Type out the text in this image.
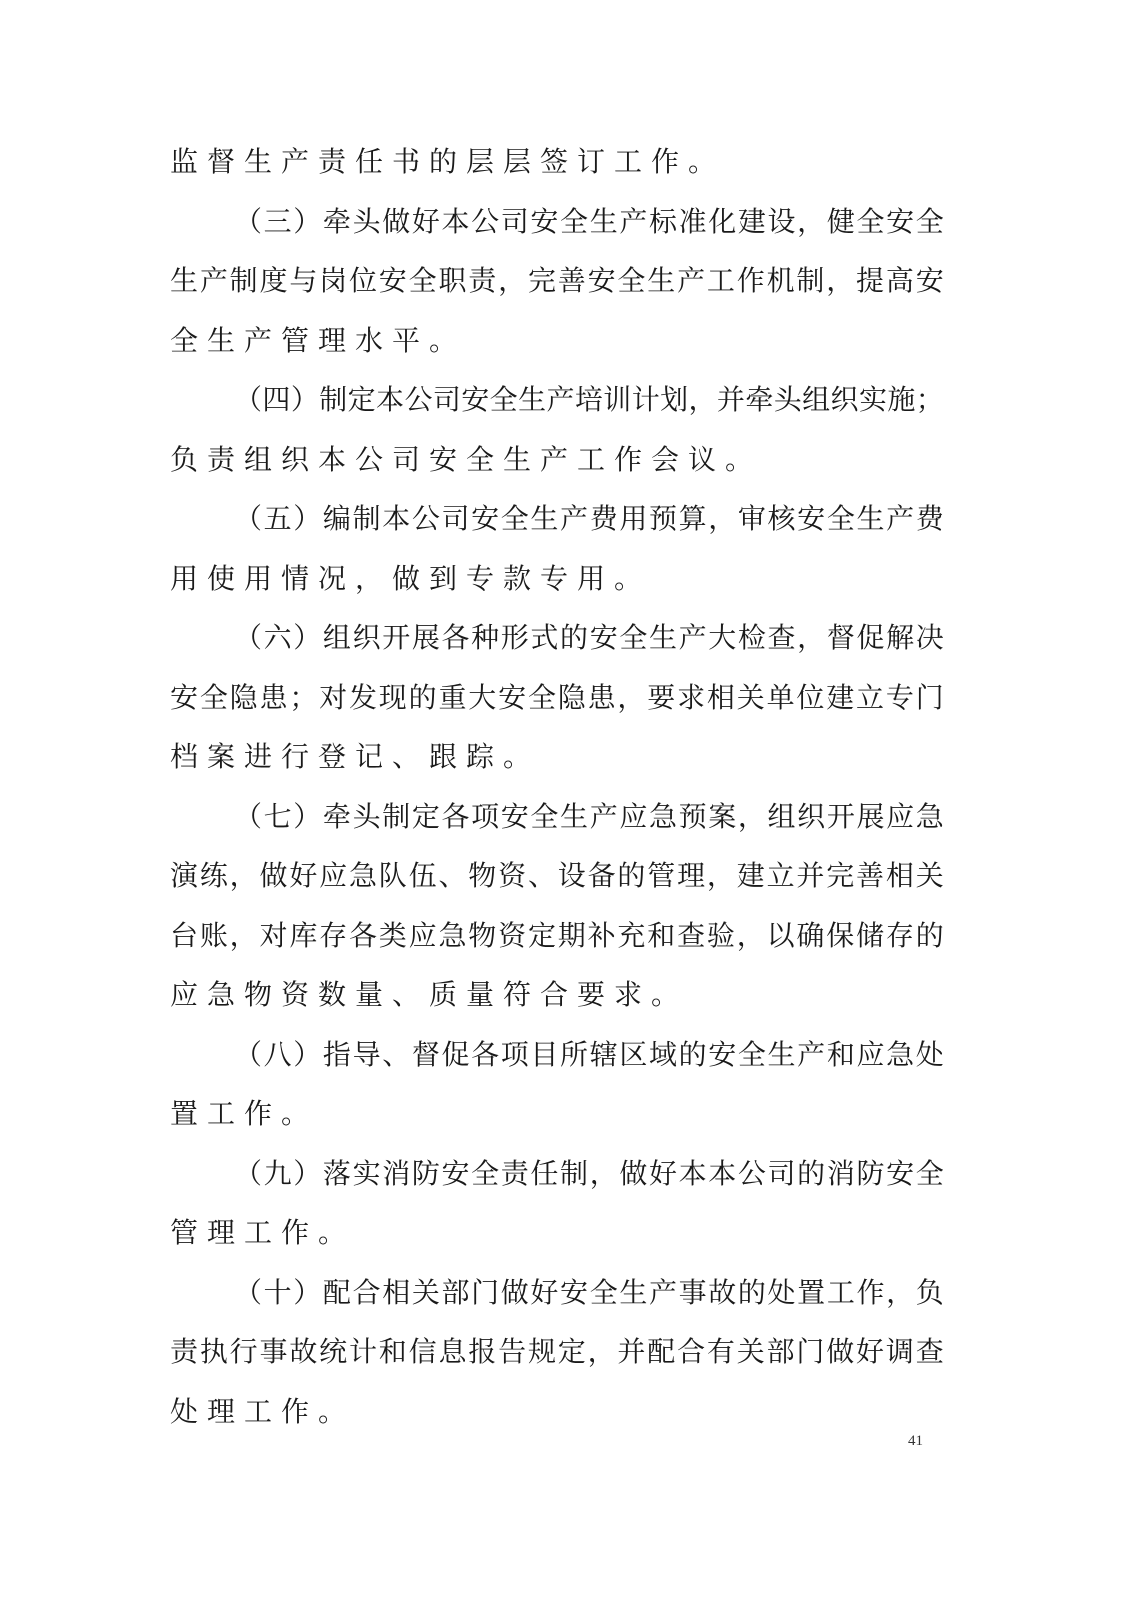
监督生产责任书的层层签订工作。
（ 三 ） 牵 头 做 好 本 公 司 安 全 生 产 标 准 化 建 设 ， 健 全 安 全
生 产 制 度 与 岗 位 安 全 职 责 ， 完 善 安 全 生 产 工 作 机 制 ， 提 高 安
全生产管理水平。
（ 四 ） 制 定 本 公 司 安 全 生 产 培 训 计 划 ， 并 牵 头 组 织 实 施 ；
负责组织本公司安全生产工作会议。
（ 五 ） 编 制 本 公 司 安 全 生 产 费 用 预 算 ， 审 核 安 全 生 产 费
用使用情况，做到专款专用。
（ 六 ） 组 织 开 展 各 种 形 式 的 安 全 生 产 大 检 查 ， 督 促 解 决
安 全 隐 患 ； 对 发 现 的 重 大 安 全 隐 患 ， 要 求 相 关 单 位 建 立 专 门
档案进行登记、跟踪。
（ 七 ） 牵 头 制 定 各 项 安 全 生 产 应 急 预 案 ， 组 织 开 展 应 急
演 练 ， 做 好 应 急 队 伍 、 物 资 、 设 备 的 管 理 ， 建 立 并 完 善 相 关
台 账 ， 对 库 存 各 类 应 急 物 资 定 期 补 充 和 查 验 ， 以 确 保 储 存 的
应急物资数量、质量符合要求。
（ 八 ） 指 导 、 督 促 各 项 目 所 辖 区 域 的 安 全 生 产 和 应 急 处
置工作。
（ 九 ） 落 实 消 防 安 全 责 任 制 ， 做 好 本 本 公 司 的 消 防 安 全
管理工作。
（ 十 ） 配 合 相 关 部 门 做 好 安 全 生 产 事 故 的 处 置 工 作 ， 负
责 执 行 事 故 统 计 和 信 息 报 告 规 定 ， 并 配 合 有 关 部 门 做 好 调 查
处理工作。
41
